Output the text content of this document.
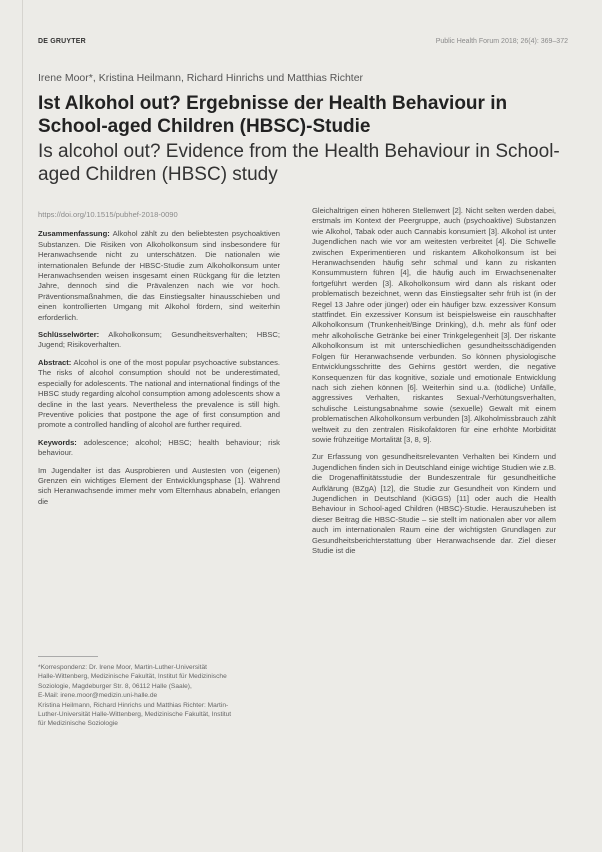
DE GRUYTER	Public Health Forum 2018; 26(4): 369–372
Irene Moor*, Kristina Heilmann, Richard Hinrichs und Matthias Richter
Ist Alkohol out? Ergebnisse der Health Behaviour in School-aged Children (HBSC)-Studie
Is alcohol out? Evidence from the Health Behaviour in School-aged Children (HBSC) study

https://doi.org/10.1515/pubhef-2018-0090

Zusammenfassung: Alkohol zählt zu den beliebtesten psychoaktiven Substanzen. Die Risiken von Alkoholkonsum sind insbesondere für Heranwachsende nicht zu unterschätzen. Die nationalen wie internationalen Befunde der HBSC-Studie zum Alkoholkonsum unter Heranwachsenden weisen insgesamt einen Rückgang für die letzten Jahre, dennoch sind die Prävalenzen nach wie vor hoch. Präventionsmaßnahmen, die das Einstiegsalter hinausschieben und einen kontrollierten Umgang mit Alkohol fördern, sind weiterhin erforderlich.

Schlüsselwörter: Alkoholkonsum; Gesundheitsverhalten; HBSC; Jugend; Risikoverhalten.

Abstract: Alcohol is one of the most popular psychoactive substances. The risks of alcohol consumption should not be underestimated, especially for adolescents. The national and international findings of the HBSC study regarding alcohol consumption among adolescents show a decline in the last years. Nevertheless the prevalence is still high. Preventive policies that postpone the age of first consumption and promote a controlled handling of alcohol are further required.

Keywords: adolescence; alcohol; HBSC; health behaviour; risk behaviour.

Im Jugendalter ist das Ausprobieren und Austesten von (eigenen) Grenzen ein wichtiges Element der Entwicklungsphase [1]. Während sich Heranwachsende immer mehr vom Elternhaus abnabeln, erlangen die

*Korrespondenz: Dr. Irene Moor, Martin-Luther-Universität

Halle-Wittenberg, Medizinische Fakultät, Institut für Medizinische

Soziologie, Magdeburger Str. 8, 06112 Halle (Saale),

E-Mail: irene.moor@medizin.uni-halle.de

Kristina Heilmann, Richard Hinrichs und Matthias Richter: Martin-

Luther-Universität Halle-Wittenberg, Medizinische Fakultät, Institut

für Medizinische Soziologie

Gleichaltrigen einen höheren Stellenwert [2]. Nicht selten werden dabei, erstmals im Kontext der Peergruppe, auch (psychoaktive) Substanzen wie Alkohol, Tabak oder auch Cannabis konsumiert [3]. Alkohol ist unter Jugendlichen nach wie vor am weitesten verbreitet [4]. Die Schwelle zwischen Experimentieren und riskantem Alkoholkonsum ist bei Heranwachsenden häufig sehr schmal und kann zu riskanten Konsummustern führen [4], die häufig auch im Erwachsenenalter fortgeführt werden [3]. Alkoholkonsum wird dann als riskant oder problematisch bezeichnet, wenn das Einstiegsalter sehr früh ist (in der Regel 13 Jahre oder jünger) oder ein häufiger bzw. exzessiver Konsum stattfindet. Ein exzessiver Konsum ist beispielsweise ein rauschhafter Alkoholkonsum (Trunkenheit/Binge Drinking), d.h. mehr als fünf oder mehr alkoholische Getränke bei einer Trinkgelegenheit [3]. Der riskante Alkoholkonsum ist mit unterschiedlichen gesundheitsschädigenden Folgen für Heranwachsende verbunden. So können physiologische Entwicklungsschritte des Gehirns gestört werden, die negative Konsequenzen für das kognitive, soziale und emotionale Entwicklung nach sich ziehen können [6]. Weiterhin sind u.a. (tödliche) Unfälle, aggressives Verhalten, riskantes Sexual-/Verhütungsverhalten, schulische Leistungsabnahme sowie (sexuelle) Gewalt mit einem problematischen Alkoholkonsum verbunden [3]. Alkoholmissbrauch zählt weltweit zu den zentralen Risikofaktoren für eine erhöhte Morbidität sowie frühzeitige Mortalität [3, 8, 9].

Zur Erfassung von gesundheitsrelevanten Verhalten bei Kindern und Jugendlichen finden sich in Deutschland einige wichtige Studien wie z.B. die Drogenaffinitätsstudie der Bundeszentrale für gesundheitliche Aufklärung (BZgA) [12], die Studie zur Gesundheit von Kindern und Jugendlichen in Deutschland (KiGGS) [11] oder auch die Health Behaviour in School-aged Children (HBSC)-Studie. Herauszuheben ist dieser Beitrag die HBSC-Studie – sie stellt im nationalen aber vor allem auch im internationalen Raum eine der wichtigsten Grundlagen zur Gesundheitsberichterstattung über Heranwachsende dar. Ziel dieser Studie ist die
